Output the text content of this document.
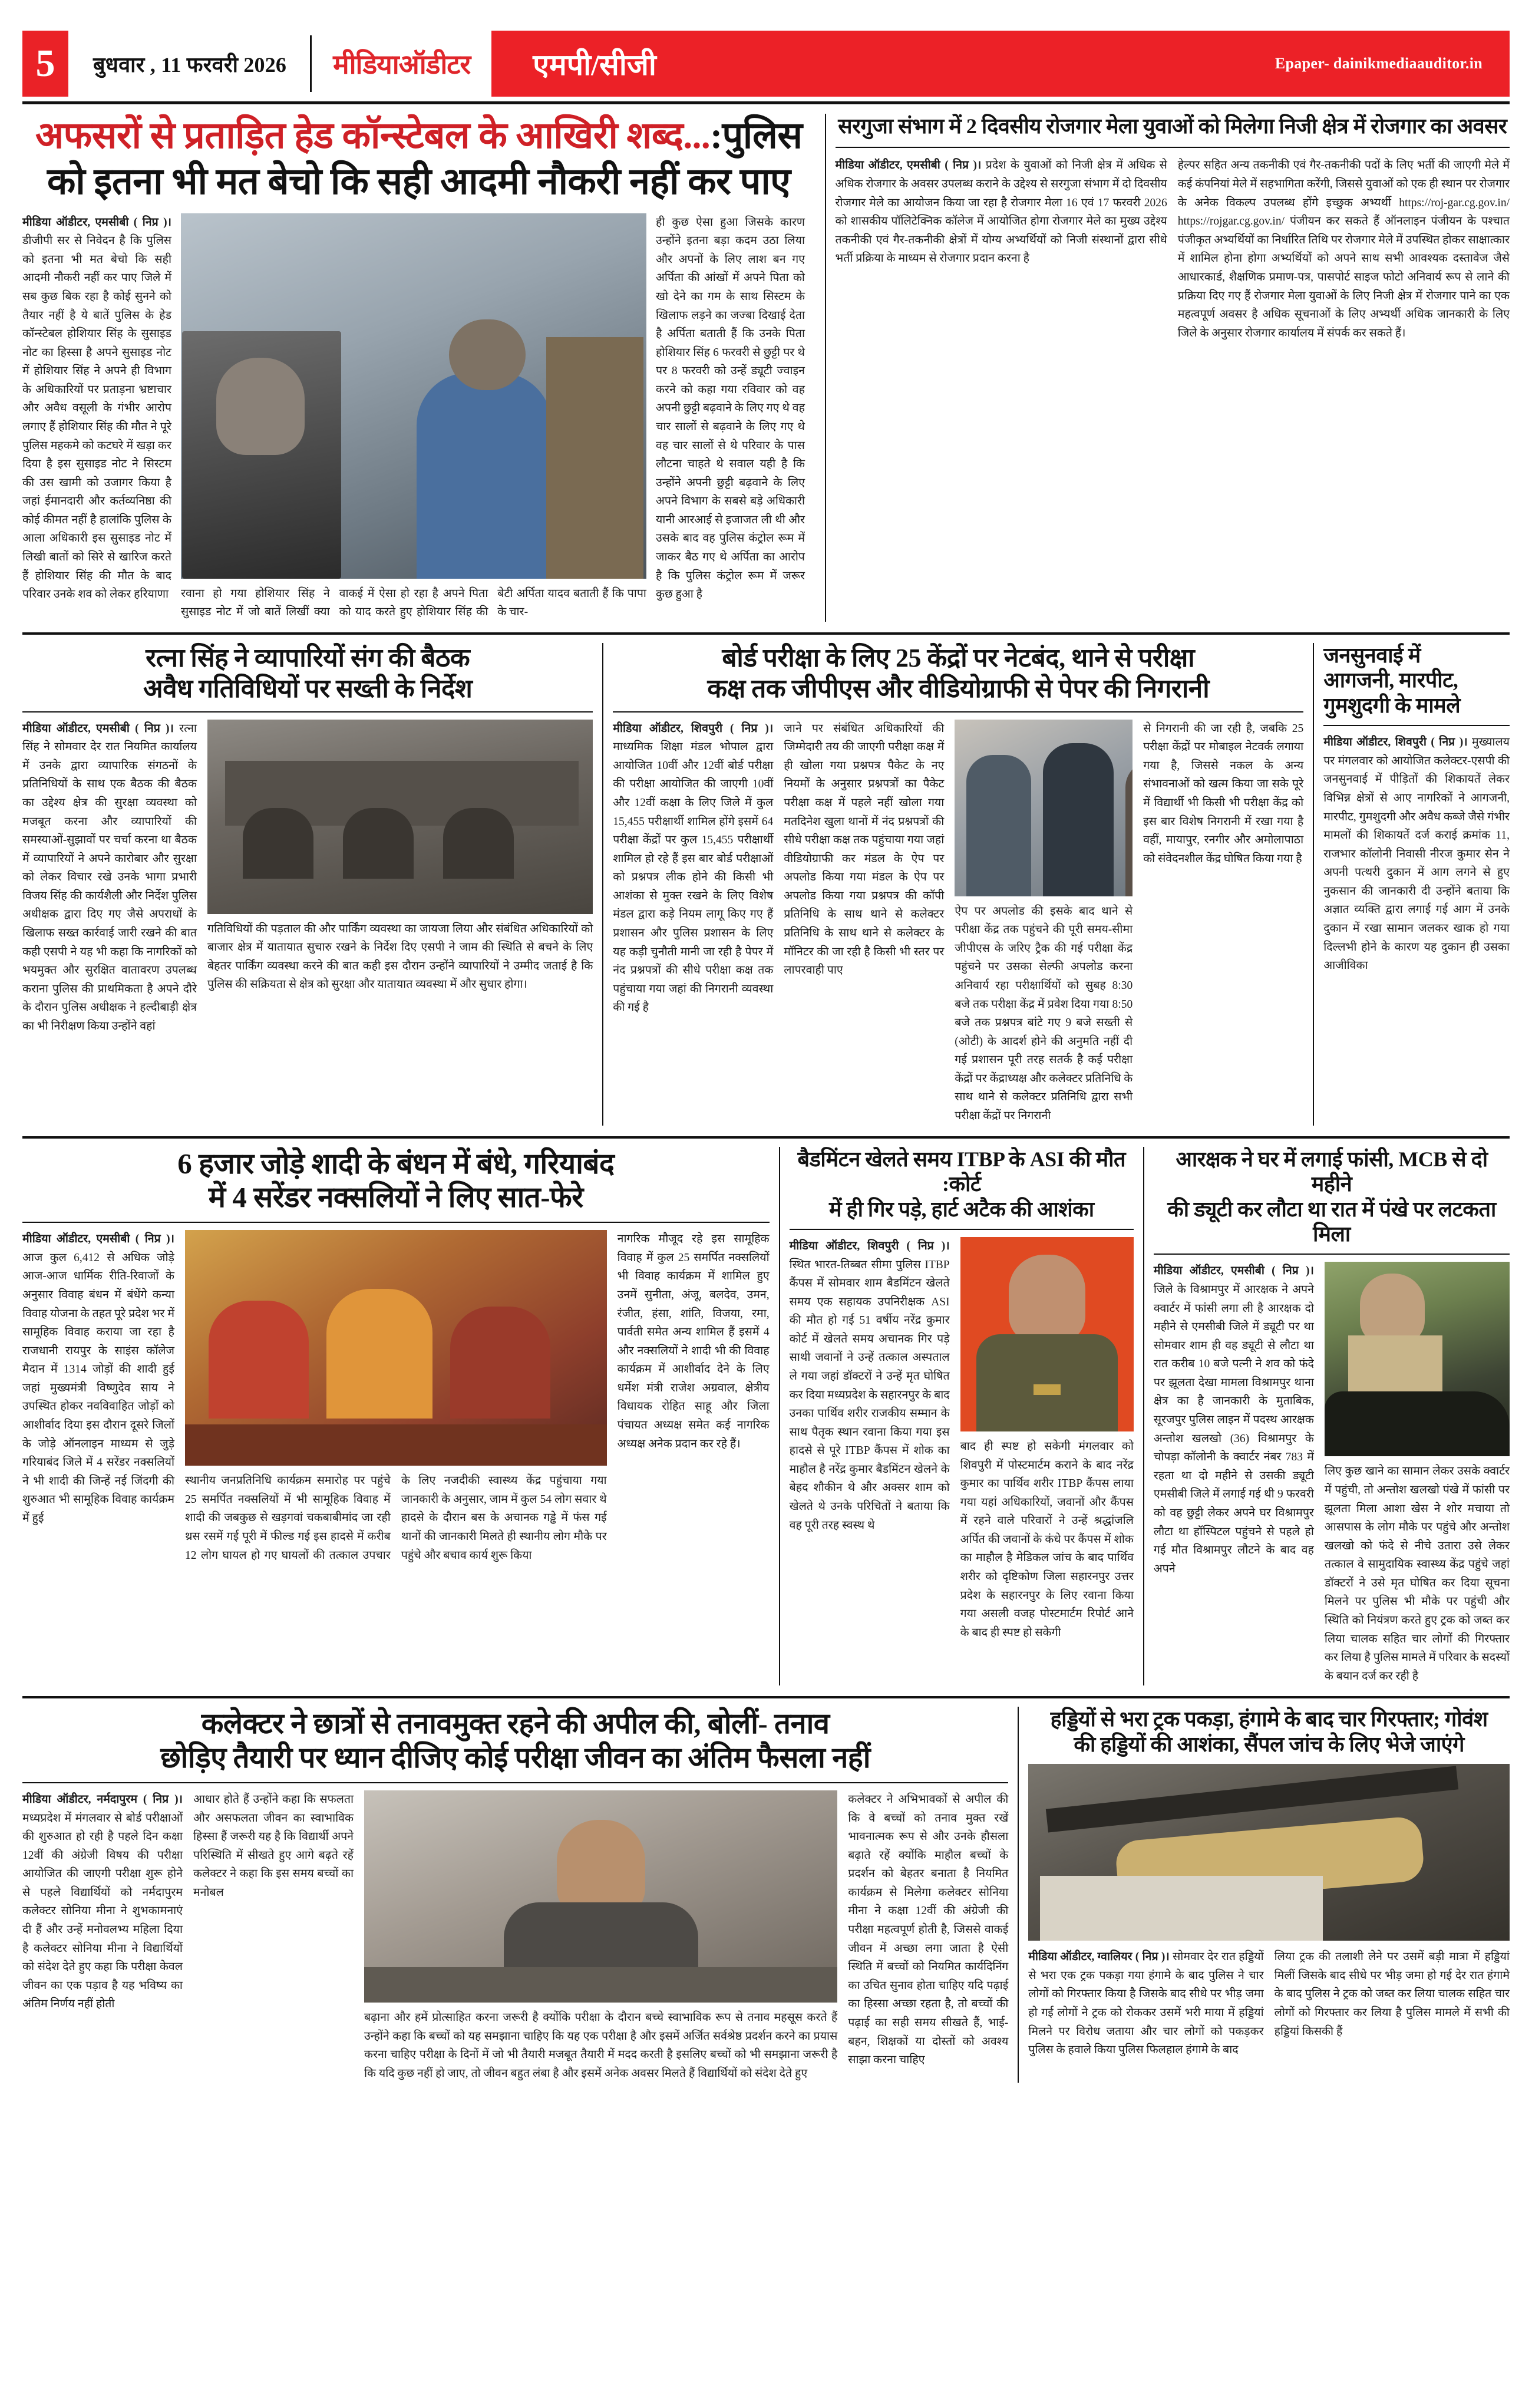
5	बुधवार , 11 फरवरी 2026	मीडियाऑडीटर	एमपी/सीजी	Epaper- dainikmediaauditor.in
अफसरों से प्रताड़ित हेड कॉन्स्टेबल के आखिरी शब्द...:पुलिस
को इतना भी मत बेचो कि सही आदमी नौकरी नहीं कर पाए
मीडिया ऑडीटर, एमसीबी ( निप्र )। डीजीपी सर से निवेदन है कि पुलिस को इतना भी मत बेचो कि सही आदमी नौकरी नहीं कर पाए जिले में सब कुछ बिक रहा है कोई सुनने को तैयार नहीं है ये बातें पुलिस के हेड कॉन्स्टेबल होशियार सिंह के सुसाइड नोट का हिस्सा है अपने सुसाइड नोट में होशियार सिंह ने अपने ही विभाग के अधिकारियों पर प्रताड़ना भ्रष्टाचार और अवैध वसूली के गंभीर आरोप लगाए हैं होशियार सिंह की मौत ने पूरे पुलिस महकमे को कटघरे में खड़ा कर दिया है इस सुसाइड नोट ने सिस्टम की उस खामी को उजागर किया है जहां ईमानदारी और कर्तव्यनिष्ठा की कोई कीमत नहीं है हालांकि पुलिस के आला अधिकारी इस सुसाइड नोट में लिखी बातों को सिरे से खारिज करते हैं होशियार सिंह की मौत के बाद परिवार उनके शव को लेकर हरियाणा रवाना हो गया होशियार सिंह ने सुसाइड नोट में जो बातें लिखीं क्या वाकई में ऐसा हो रहा है अपने पिता को याद करते हुए होशियार सिंह की बेटी अर्पिता यादव बताती हैं कि पापा के चार-
ही कुछ ऐसा हुआ जिसके कारण उन्होंने इतना बड़ा कदम उठा लिया और अपनों के लिए लाश बन गए अर्पिता की आंखों में अपने पिता को खो देने का गम के साथ सिस्टम के खिलाफ लड़ने का जज्बा दिखाई देता है अर्पिता बताती हैं कि उनके पिता होशियार सिंह 6 फरवरी से छुट्टी पर थे पर 8 फरवरी को उन्हें ड्यूटी ज्वाइन करने को कहा गया रविवार को वह अपनी छुट्टी बढ़वाने के लिए गए थे वह चार सालों से बढ़वाने के लिए गए थे वह चार सालों से थे परिवार के पास लौटना चाहते थे सवाल यही है कि उन्होंने अपनी छुट्टी बढ़वाने के लिए अपने विभाग के सबसे बड़े अधिकारी यानी आरआई से इजाजत ली थी और उसके बाद वह पुलिस कंट्रोल रूम में जाकर बैठ गए थे अर्पिता का आरोप है कि पुलिस कंट्रोल रूम में जरूर कुछ हुआ है
सरगुजा संभाग में 2 दिवसीय रोजगार मेला युवाओं को मिलेगा निजी क्षेत्र में रोजगार का अवसर
मीडिया ऑडीटर, एमसीबी ( निप्र )। प्रदेश के युवाओं को निजी क्षेत्र में अधिक से अधिक रोजगार के अवसर उपलब्ध कराने के उद्देश्य से सरगुजा संभाग में दो दिवसीय रोजगार मेले का आयोजन किया जा रहा है रोजगार मेला 16 एवं 17 फरवरी 2026 को शासकीय पॉलिटेक्निक कॉलेज में आयोजित होगा रोजगार मेले का मुख्य उद्देश्य तकनीकी एवं गैर-तकनीकी क्षेत्रों में योग्य अभ्यर्थियों को निजी संस्थानों द्वारा सीधे भर्ती प्रक्रिया के माध्यम से रोजगार प्रदान करना है
हेल्पर सहित अन्य तकनीकी एवं गैर-तकनीकी पदों के लिए भर्ती की जाएगी मेले में कई कंपनियां मेले में सहभागिता करेंगी, जिससे युवाओं को एक ही स्थान पर रोजगार के अनेक विकल्प उपलब्ध होंगे इच्छुक अभ्यर्थी https://roj-gar.cg.gov.in/ https://rojgar.cg.gov.in/ पंजीयन कर सकते हैं ऑनलाइन पंजीयन के पश्चात पंजीकृत अभ्यर्थियों का निर्धारित तिथि पर रोजगार मेले में उपस्थित होकर साक्षात्कार में शामिल होना होगा अभ्यर्थियों को अपने साथ सभी आवश्यक दस्तावेज जैसे आधारकार्ड, शैक्षणिक प्रमाण-पत्र, पासपोर्ट साइज फोटो अनिवार्य रूप से लाने की प्रक्रिया दिए गए हैं रोजगार मेला युवाओं के लिए निजी क्षेत्र में रोजगार पाने का एक महत्वपूर्ण अवसर है अधिक सूचनाओं के लिए अभ्यर्थी अधिक जानकारी के लिए जिले के अनुसार रोजगार कार्यालय में संपर्क कर सकते हैं।
रत्ना सिंह ने व्यापारियों संग की बैठक
अवैध गतिविधियों पर सख्ती के निर्देश
मीडिया ऑडीटर, एमसीबी ( निप्र )। रत्ना सिंह ने सोमवार देर रात नियमित कार्यालय में उनके द्वारा व्यापारिक संगठनों के प्रतिनिधियों के साथ एक बैठक की बैठक का उद्देश्य क्षेत्र की सुरक्षा व्यवस्था को मजबूत करना और व्यापारियों की समस्याओं-सुझावों पर चर्चा करना था बैठक में व्यापारियों ने अपने कारोबार और सुरक्षा को लेकर विचार रखे उनके भागा प्रभारी विजय सिंह की कार्यशैली और निर्देश पुलिस अधीक्षक द्वारा दिए गए जैसे अपराधों के खिलाफ सख्त कार्रवाई जारी रखने की बात कही एसपी ने यह भी कहा कि नागरिकों को भयमुक्त और सुरक्षित वातावरण उपलब्ध कराना पुलिस की प्राथमिकता है अपने दौरे के दौरान पुलिस अधीक्षक ने हल्दीबाड़ी क्षेत्र का भी निरीक्षण किया उन्होंने वहां
गतिविधियों की पड़ताल की और पार्किंग व्यवस्था का जायजा लिया और संबंधित अधिकारियों को बाजार क्षेत्र में यातायात सुचारु रखने के निर्देश दिए एसपी ने जाम की स्थिति से बचने के लिए बेहतर पार्किंग व्यवस्था करने की बात कही इस दौरान उन्होंने व्यापारियों ने उम्मीद जताई है कि पुलिस की सक्रियता से क्षेत्र को सुरक्षा और यातायात व्यवस्था में और सुधार होगा।
बोर्ड परीक्षा के लिए 25 केंद्रों पर नेटबंद, थाने से परीक्षा
कक्ष तक जीपीएस और वीडियोग्राफी से पेपर की निगरानी
मीडिया ऑडीटर, शिवपुरी ( निप्र )। माध्यमिक शिक्षा मंडल भोपाल द्वारा आयोजित 10वीं और 12वीं बोर्ड परीक्षा की परीक्षा आयोजित की जाएगी 10वीं और 12वीं कक्षा के लिए जिले में कुल 15,455 परीक्षार्थी शामिल होंगे इसमें 64 परीक्षा केंद्रों पर कुल 15,455 परीक्षार्थी शामिल हो रहे हैं इस बार बोर्ड परीक्षाओं को प्रश्नपत्र लीक होने की किसी भी आशंका से मुक्त रखने के लिए विशेष मंडल द्वारा कड़े नियम लागू किए गए हैं प्रशासन और पुलिस प्रशासन के लिए यह कड़ी चुनौती मानी जा रही है पेपर में नंद प्रश्नपत्रों की सीधे परीक्षा कक्ष तक पहुंचाया गया जहां की निगरानी व्यवस्था की गई है
जाने पर संबंधित अधिकारियों की जिम्मेदारी तय की जाएगी परीक्षा कक्ष में ही खोला गया प्रश्नपत्र पैकेट के नए नियमों के अनुसार प्रश्नपत्रों का पैकेट परीक्षा कक्ष में पहले नहीं खोला गया मतदिनेश खुला थानों में नंद प्रश्नपत्रों की सीधे परीक्षा कक्ष तक पहुंचाया गया जहां वीडियोग्राफी कर मंडल के ऐप पर अपलोड किया गया मंडल के ऐप पर अपलोड किया गया प्रश्नपत्र की कॉपी प्रतिनिधि के साथ थाने से कलेक्टर प्रतिनिधि के साथ थाने से कलेक्टर के मॉनिटर की जा रही है किसी भी स्तर पर लापरवाही पाए
ऐप पर अपलोड की इसके बाद थाने से परीक्षा केंद्र तक पहुंचने की पूरी समय-सीमा जीपीएस के जरिए ट्रैक की गई परीक्षा केंद्र पहुंचने पर उसका सेल्फी अपलोड करना अनिवार्य रहा परीक्षार्थियों को सुबह 8:30 बजे तक परीक्षा केंद्र में प्रवेश दिया गया 8:50 बजे तक प्रश्नपत्र बांटे गए 9 बजे सख्ती से (ओटी) के आदर्श होने की अनुमति नहीं दी गई प्रशासन पूरी तरह सतर्क है कई परीक्षा केंद्रों पर केंद्राध्यक्ष और कलेक्टर प्रतिनिधि के साथ थाने से कलेक्टर प्रतिनिधि द्वारा सभी परीक्षा केंद्रों पर निगरानी
से निगरानी की जा रही है, जबकि 25 परीक्षा केंद्रों पर मोबाइल नेटवर्क लगाया गया है, जिससे नकल के अन्य संभावनाओं को खत्म किया जा सके पूरे में विद्यार्थी भी किसी भी परीक्षा केंद्र को इस बार विशेष निगरानी में रखा गया है वहीं, मायापुर, रनगीर और अमोलापाठा को संवेदनशील केंद्र घोषित किया गया है
जनसुनवाई में
आगजनी, मारपीट,
गुमशुदगी के मामले
मीडिया ऑडीटर, शिवपुरी ( निप्र )। मुख्यालय पर मंगलवार को आयोजित कलेक्टर-एसपी की जनसुनवाई में पीड़ितों की शिकायतें लेकर विभिन्न क्षेत्रों से आए नागरिकों ने आगजनी, मारपीट, गुमशुदगी और अवैध कब्जे जैसे गंभीर मामलों की शिकायतें दर्ज कराई क्रमांक 11, राजभार कॉलोनी निवासी नीरज कुमार सेन ने अपनी पत्थरी दुकान में आग लगने से हुए नुकसान की जानकारी दी उन्होंने बताया कि अज्ञात व्यक्ति द्वारा लगाई गई आग में उनके दुकान में रखा सामान जलकर खाक हो गया दिल्लभी होने के कारण यह दुकान ही उसका आजीविका
6 हजार जोड़े शादी के बंधन में बंधे, गरियाबंद
में 4 सरेंडर नक्सलियों ने लिए सात-फेरे
मीडिया ऑडीटर, एमसीबी ( निप्र )। आज कुल 6,412 से अधिक जोड़े आज-आज धार्मिक रीति-रिवाजों के अनुसार विवाह बंधन में बंधेंगे कन्या विवाह योजना के तहत पूरे प्रदेश भर में सामूहिक विवाह कराया जा रहा है राजधानी रायपुर के साइंस कॉलेज मैदान में 1314 जोड़ों की शादी हुई जहां मुख्यमंत्री विष्णुदेव साय ने उपस्थित होकर नवविवाहित जोड़ों को आशीर्वाद दिया इस दौरान दूसरे जिलों के जोड़े ऑनलाइन माध्यम से जुड़े गरियाबंद जिले में 4 सरेंडर नक्सलियों ने भी शादी की जिन्हें नई जिंदगी की शुरुआत भी सामूहिक विवाह कार्यक्रम में हुई
स्थानीय जनप्रतिनिधि कार्यक्रम समारोह पर पहुंचे 25 समर्पित नक्सलियों में भी सामूहिक विवाह में शादी की जबकुछ से खड़गवां चकबाबीमांद जा रही थ्रस रसमें गई पूरी में फील्ड गई इस हादसे में करीब 12 लोग घायल हो गए घायलों की तत्काल उपचार के लिए नजदीकी स्वास्थ्य केंद्र पहुंचाया गया जानकारी के अनुसार, जाम में कुल 54 लोग सवार थे हादसे के दौरान बस के अचानक गड्ढे में फंस गई थानों की जानकारी मिलते ही स्थानीय लोग मौके पर पहुंचे और बचाव कार्य शुरू किया
नागरिक मौजूद रहे इस सामूहिक विवाह में कुल 25 समर्पित नक्सलियों भी विवाह कार्यक्रम में शामिल हुए उनमें सुनीता, अंजू, बलदेव, उमन, रंजीत, हंसा, शांति, विजया, रमा, पार्वती समेत अन्य शामिल हैं इसमें 4 और नक्सलियों ने शादी भी की विवाह कार्यक्रम में आशीर्वाद देने के लिए धर्मेश मंत्री राजेश अग्रवाल, क्षेत्रीय विधायक रोहित साहू और जिला पंचायत अध्यक्ष समेत कई नागरिक अध्यक्ष अनेक प्रदान कर रहे हैं।
बैडमिंटन खेलते समय ITBP के ASI की मौत :कोर्ट
में ही गिर पड़े, हार्ट अटैक की आशंका
मीडिया ऑडीटर, शिवपुरी ( निप्र )। स्थित भारत-तिब्बत सीमा पुलिस ITBP कैंपस में सोमवार शाम बैडमिंटन खेलते समय एक सहायक उपनिरीक्षक ASI की मौत हो गई 51 वर्षीय नरेंद्र कुमार कोर्ट में खेलते समय अचानक गिर पड़े साथी जवानों ने उन्हें तत्काल अस्पताल ले गया जहां डॉक्टरों ने उन्हें मृत घोषित कर दिया मध्यप्रदेश के सहारनपुर के बाद उनका पार्थिव शरीर राजकीय सम्मान के साथ पैतृक स्थान रवाना किया गया इस हादसे से पूरे ITBP कैंपस में शोक का माहौल है नरेंद्र कुमार बैडमिंटन खेलने के बेहद शौकीन थे और अक्सर शाम को खेलते थे उनके परिचितों ने बताया कि वह पूरी तरह स्वस्थ थे
बाद ही स्पष्ट हो सकेगी मंगलवार को शिवपुरी में पोस्टमार्टम कराने के बाद नरेंद्र कुमार का पार्थिव शरीर ITBP कैंपस लाया गया यहां अधिकारियों, जवानों और कैंपस में रहने वाले परिवारों ने उन्हें श्रद्धांजलि अर्पित की जवानों के कंधे पर कैंपस में शोक का माहौल है मेडिकल जांच के बाद पार्थिव शरीर को दृष्टिकोण जिला सहारनपुर उत्तर प्रदेश के सहारनपुर के लिए रवाना किया गया असली वजह पोस्टमार्टम रिपोर्ट आने के बाद ही स्पष्ट हो सकेगी
आरक्षक ने घर में लगाई फांसी, MCB से दो महीने
की ड्यूटी कर लौटा था रात में पंखे पर लटकता मिला
मीडिया ऑडीटर, एमसीबी ( निप्र )। जिले के विश्रामपुर में आरक्षक ने अपने क्वार्टर में फांसी लगा ली है आरक्षक दो महीने से एमसीबी जिले में ड्यूटी पर था सोमवार शाम ही वह ड्यूटी से लौटा था रात करीब 10 बजे पत्नी ने शव को फंदे पर झूलता देखा मामला विश्रामपुर थाना क्षेत्र का है जानकारी के मुताबिक, सूरजपुर पुलिस लाइन में पदस्थ आरक्षक अन्तोश खलखो (36) विश्रामपुर के चोपड़ा कॉलोनी के क्वार्टर नंबर 783 में रहता था दो महीने से उसकी ड्यूटी एमसीबी जिले में लगाई गई थी 9 फरवरी को वह छुट्टी लेकर अपने घर विश्रामपुर लौटा था हॉस्पिटल पहुंचने से पहले हो गई मौत विश्रामपुर लौटने के बाद वह अपने
लिए कुछ खाने का सामान लेकर उसके क्वार्टर में पहुंची, तो अन्तोश खलखो पंखे में फांसी पर झूलता मिला आशा खेस ने शोर मचाया तो आसपास के लोग मौके पर पहुंचे और अन्तोश खलखो को फंदे से नीचे उतारा उसे लेकर तत्काल वे सामुदायिक स्वास्थ्य केंद्र पहुंचे जहां डॉक्टरों ने उसे मृत घोषित कर दिया सूचना मिलने पर पुलिस भी मौके पर पहुंची और स्थिति को नियंत्रण करते हुए ट्रक को जब्त कर लिया चालक सहित चार लोगों की गिरफ्तार कर लिया है पुलिस मामले में परिवार के सदस्यों के बयान दर्ज कर रही है
कलेक्टर ने छात्रों से तनावमुक्त रहने की अपील की, बोलीं- तनाव
छोड़िए तैयारी पर ध्यान दीजिए कोई परीक्षा जीवन का अंतिम फैसला नहीं
मीडिया ऑडीटर, नर्मदापुरम ( निप्र )। मध्यप्रदेश में मंगलवार से बोर्ड परीक्षाओं की शुरुआत हो रही है पहले दिन कक्षा 12वीं की अंग्रेजी विषय की परीक्षा आयोजित की जाएगी परीक्षा शुरू होने से पहले विद्यार्थियों को नर्मदापुरम कलेक्टर सोनिया मीना ने शुभकामनाएं दी हैं और उन्हें मनोवलभ्य महिला दिया है कलेक्टर सोनिया मीना ने विद्यार्थियों को संदेश देते हुए कहा कि परीक्षा केवल जीवन का एक पड़ाव है यह भविष्य का अंतिम निर्णय नहीं होती
आधार होते हैं उन्होंने कहा कि सफलता और असफलता जीवन का स्वाभाविक हिस्सा हैं जरूरी यह है कि विद्यार्थी अपने परिस्थिति में सीखते हुए आगे बढ़ते रहें कलेक्टर ने कहा कि इस समय बच्चों का मनोबल
बढ़ाना और हमें प्रोत्साहित करना जरूरी है क्योंकि परीक्षा के दौरान बच्चे स्वाभाविक रूप से तनाव महसूस करते हैं उन्होंने कहा कि बच्चों को यह समझाना चाहिए कि यह एक परीक्षा है और इसमें अर्जित सर्वश्रेष्ठ प्रदर्शन करने का प्रयास करना चाहिए परीक्षा के दिनों में जो भी तैयारी मजबूत तैयारी में मदद करती है इसलिए बच्चों को भी समझाना जरूरी है कि यदि कुछ नहीं हो जाए, तो जीवन बहुत लंबा है और इसमें अनेक अवसर मिलते हैं विद्यार्थियों को संदेश देते हुए
कलेक्टर ने अभिभावकों से अपील की कि वे बच्चों को तनाव मुक्त रखें भावनात्मक रूप से और उनके हौसला बढ़ाते रहें क्योंकि माहौल बच्चों के प्रदर्शन को बेहतर बनाता है नियमित कार्यक्रम से मिलेगा कलेक्टर सोनिया मीना ने कक्षा 12वीं की अंग्रेजी की परीक्षा महत्वपूर्ण होती है, जिससे वाकई जीवन में अच्छा लगा जाता है ऐसी स्थिति में बच्चों को नियमित कार्यदिनिंग का उचित सुनाव होता चाहिए यदि पढ़ाई का हिस्सा अच्छा रहता है, तो बच्चों की पढ़ाई का सही समय सीखते हैं, भाई-बहन, शिक्षकों या दोस्तों को अवश्य साझा करना चाहिए
हड्डियों से भरा ट्रक पकड़ा, हंगामे के बाद चार गिरफ्तार; गोवंश
की हड्डियों की आशंका, सैंपल जांच के लिए भेजे जाएंगे
मीडिया ऑडीटर, ग्वालियर ( निप्र )। सोमवार देर रात हड्डियों से भरा एक ट्रक पकड़ा गया हंगामे के बाद पुलिस ने चार लोगों को गिरफ्तार किया है जिसके बाद सीधे पर भीड़ जमा हो गई लोगों ने ट्रक को रोककर उसमें भरी माया में हड्डियां मिलने पर विरोध जताया और चार लोगों को पकड़कर पुलिस के हवाले किया पुलिस फिलहाल हंगामे के बाद
लिया ट्रक की तलाशी लेने पर उसमें बड़ी मात्रा में हड्डियां मिलीं जिसके बाद सीधे पर भीड़ जमा हो गई देर रात हंगामे के बाद पुलिस ने ट्रक को जब्त कर लिया चालक सहित चार लोगों को गिरफ्तार कर लिया है पुलिस मामले में सभी की हड्डियां किसकी हैं
